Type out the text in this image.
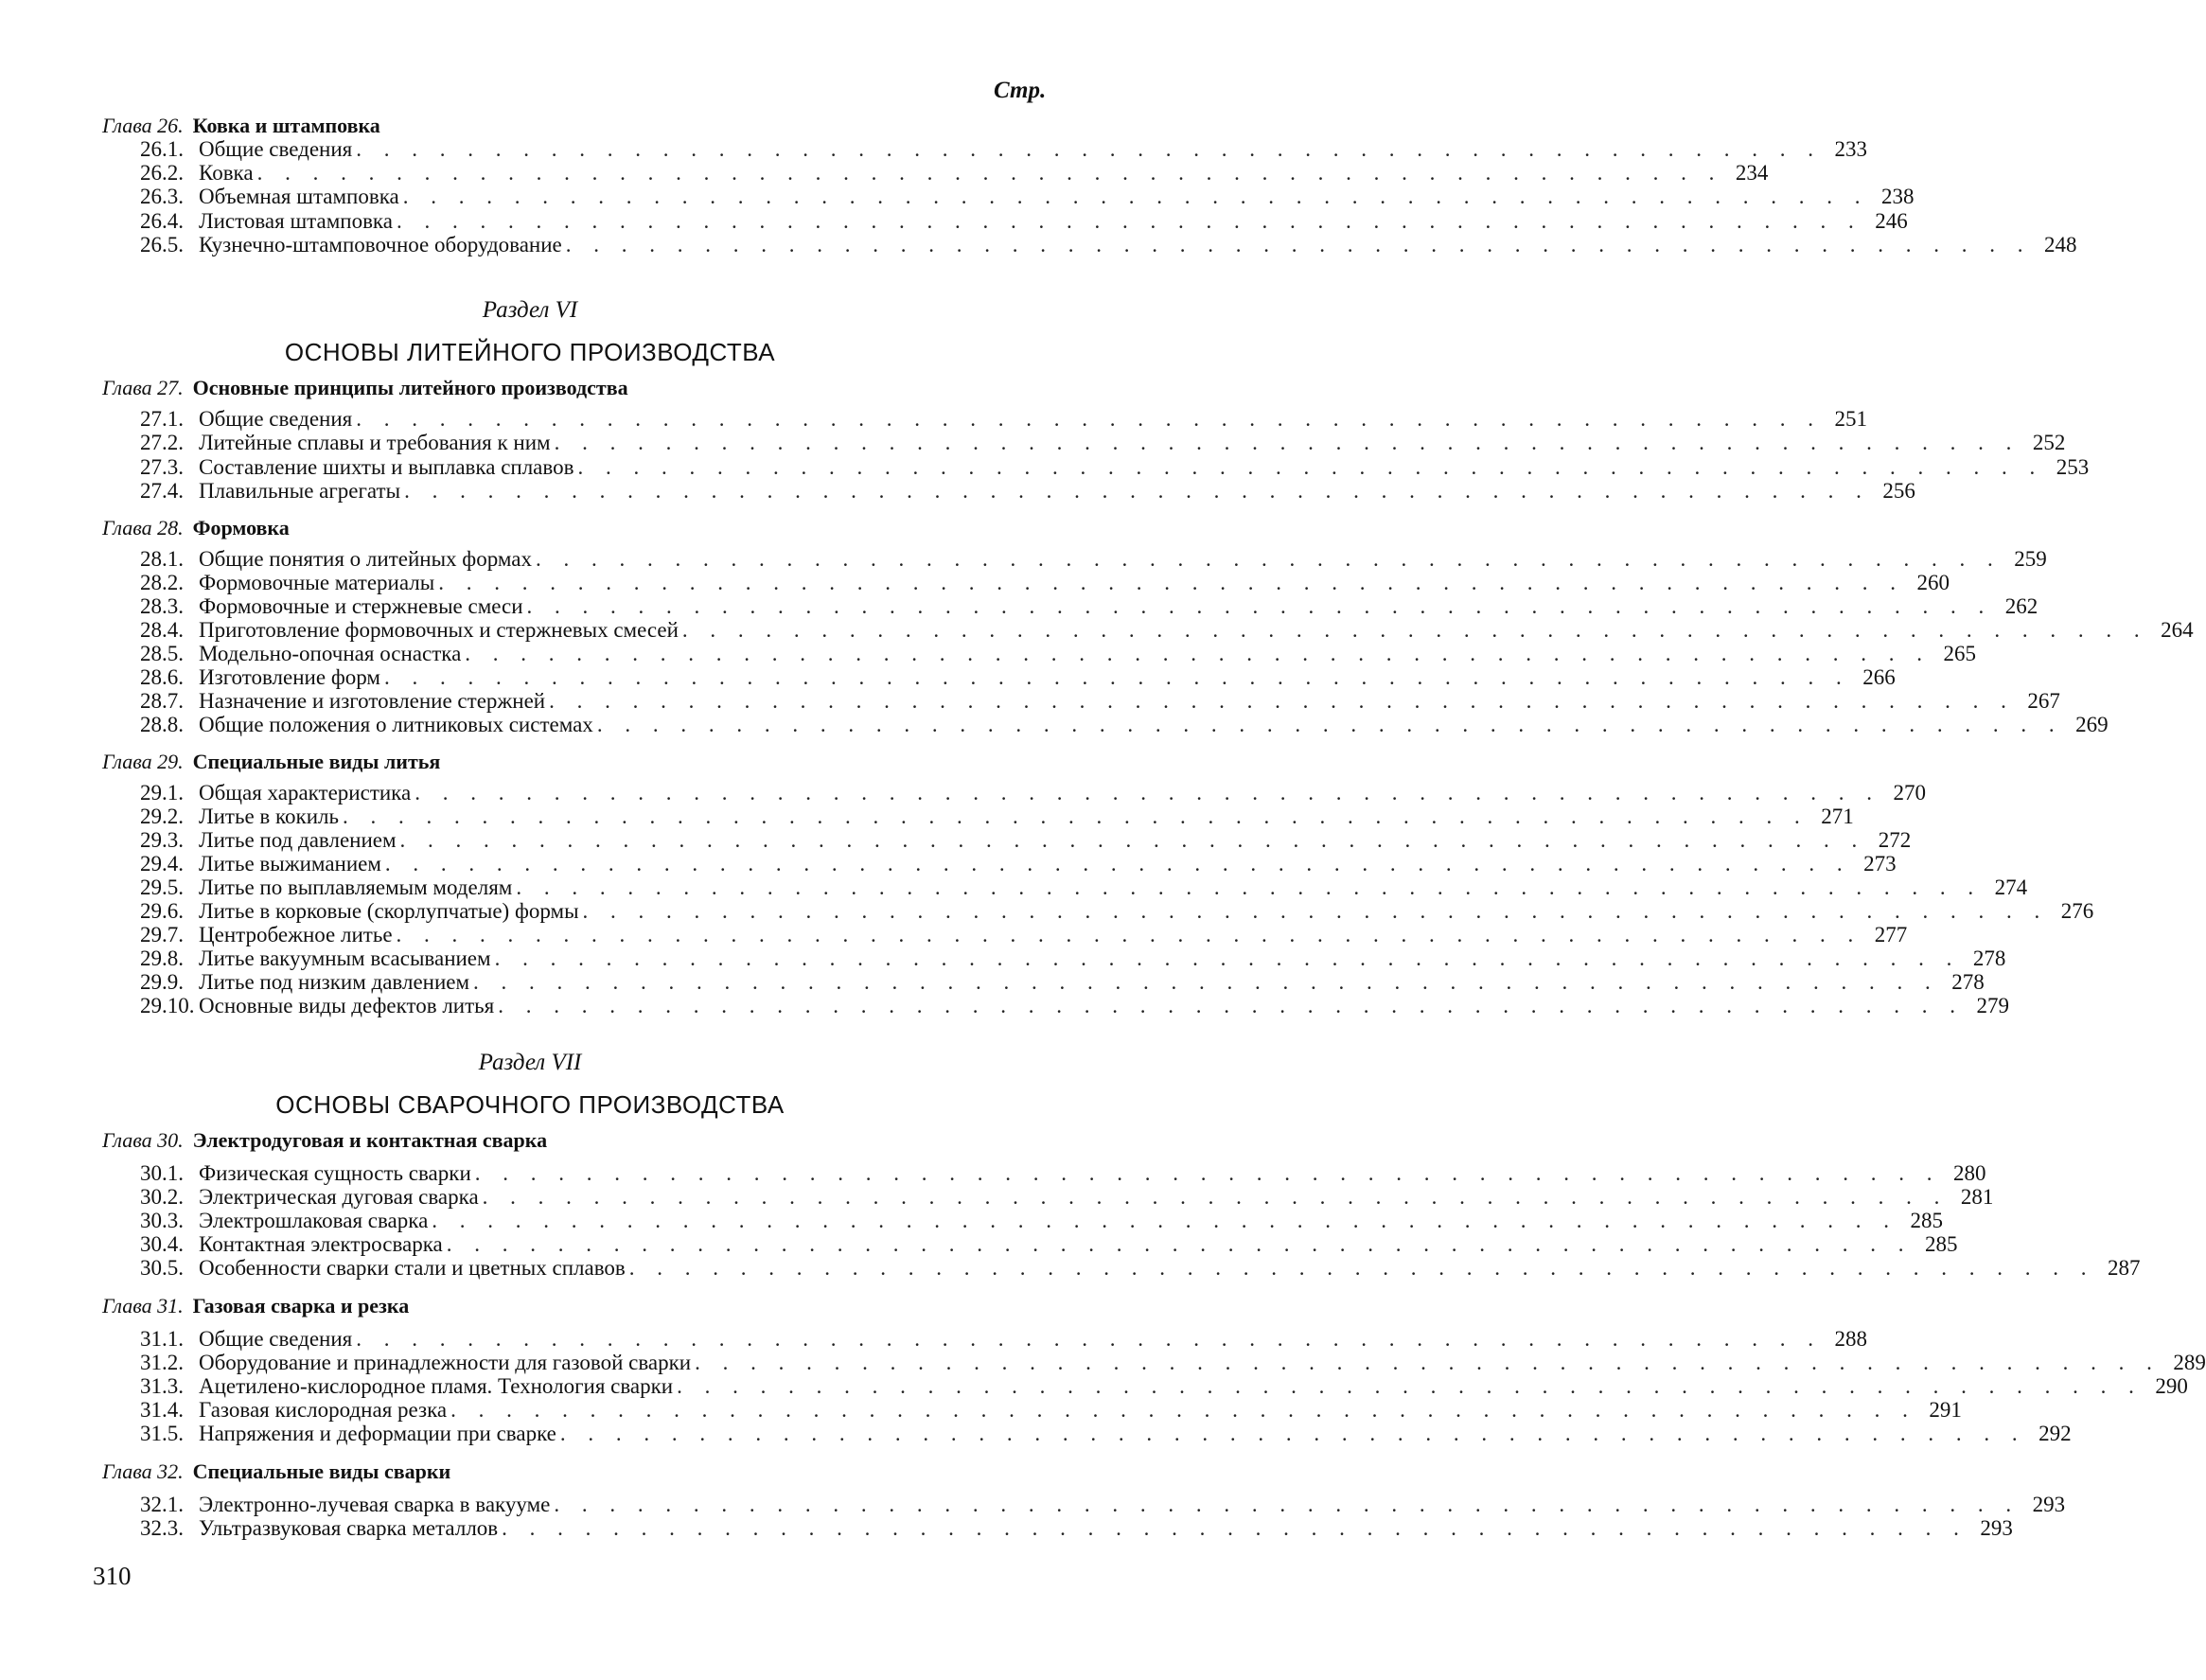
Стр.
Глава 26. Ковка и штамповка
26.1. Общие сведения . . . . . . . . . . . . . . . . . . . . . . . . . . . . . . . . . . . . . . . . . . . . . . . . . . . . . 233
26.2. Ковка . . . . . . . . . . . . . . . . . . . . . . . . . . . . . . . . . . . . . . . . . . . . . . . . . . . . . 234
26.3. Объемная штамповка . . . . . . . . . . . . . . . . . . . . . . . . . . . . . . . . . . . . . . . . . . . . . . . . . . . . . 238
26.4. Листовая штамповка . . . . . . . . . . . . . . . . . . . . . . . . . . . . . . . . . . . . . . . . . . . . . . . . . . . . . 246
26.5. Кузнечно-штамповочное оборудование . . . . . . . . . . . . . . . . . . . . . . . . . . . . . . . . . . . . . . . . . . . . . . . . . . . . . 248
Раздел VI
ОСНОВЫ ЛИТЕЙНОГО ПРОИЗВОДСТВА
Глава 27. Основные принципы литейного производства
27.1. Общие сведения . . . . . . . . . . . . . . . . . . . . . . . . . . . . . . . . . . . . . . . . . . . . . . . . . . . . . 251
27.2. Литейные сплавы и требования к ним . . . . . . . . . . . . . . . . . . . . . . . . . . . . . . . . . . . . . . . . . . . . . . . . . . . . . 252
27.3. Составление шихты и выплавка сплавов . . . . . . . . . . . . . . . . . . . . . . . . . . . . . . . . . . . . . . . . . . . . . . . . . . . . . 253
27.4. Плавильные агрегаты . . . . . . . . . . . . . . . . . . . . . . . . . . . . . . . . . . . . . . . . . . . . . . . . . . . . . 256
Глава 28. Формовка
28.1. Общие понятия о литейных формах . . . . . . . . . . . . . . . . . . . . . . . . . . . . . . . . . . . . . . . . . . . . . . . . . . . . . 259
28.2. Формовочные материалы . . . . . . . . . . . . . . . . . . . . . . . . . . . . . . . . . . . . . . . . . . . . . . . . . . . . . 260
28.3. Формовочные и стержневые смеси . . . . . . . . . . . . . . . . . . . . . . . . . . . . . . . . . . . . . . . . . . . . . . . . . . . . . 262
28.4. Приготовление формовочных и стержневых смесей . . . . . . . . . . . . . . . . . . . . . . . . . . . . . . . . . . . . . . . . . . . . . . . . . . . . . 264
28.5. Модельно-опочная оснастка . . . . . . . . . . . . . . . . . . . . . . . . . . . . . . . . . . . . . . . . . . . . . . . . . . . . . 265
28.6. Изготовление форм . . . . . . . . . . . . . . . . . . . . . . . . . . . . . . . . . . . . . . . . . . . . . . . . . . . . . 266
28.7. Назначение и изготовление стержней . . . . . . . . . . . . . . . . . . . . . . . . . . . . . . . . . . . . . . . . . . . . . . . . . . . . . 267
28.8. Общие положения о литниковых системах . . . . . . . . . . . . . . . . . . . . . . . . . . . . . . . . . . . . . . . . . . . . . . . . . . . . . 269
Глава 29. Специальные виды литья
29.1. Общая характеристика . . . . . . . . . . . . . . . . . . . . . . . . . . . . . . . . . . . . . . . . . . . . . . . . . . . . . 270
29.2. Литье в кокиль . . . . . . . . . . . . . . . . . . . . . . . . . . . . . . . . . . . . . . . . . . . . . . . . . . . . . 271
29.3. Литье под давлением . . . . . . . . . . . . . . . . . . . . . . . . . . . . . . . . . . . . . . . . . . . . . . . . . . . . . 272
29.4. Литье выжиманием . . . . . . . . . . . . . . . . . . . . . . . . . . . . . . . . . . . . . . . . . . . . . . . . . . . . . 273
29.5. Литье по выплавляемым моделям . . . . . . . . . . . . . . . . . . . . . . . . . . . . . . . . . . . . . . . . . . . . . . . . . . . . . 274
29.6. Литье в корковые (скорлупчатые) формы . . . . . . . . . . . . . . . . . . . . . . . . . . . . . . . . . . . . . . . . . . . . . . . . . . . . . 276
29.7. Центробежное литье . . . . . . . . . . . . . . . . . . . . . . . . . . . . . . . . . . . . . . . . . . . . . . . . . . . . . 277
29.8. Литье вакуумным всасыванием . . . . . . . . . . . . . . . . . . . . . . . . . . . . . . . . . . . . . . . . . . . . . . . . . . . . . 278
29.9. Литье под низким давлением . . . . . . . . . . . . . . . . . . . . . . . . . . . . . . . . . . . . . . . . . . . . . . . . . . . . . 278
29.10. Основные виды дефектов литья . . . . . . . . . . . . . . . . . . . . . . . . . . . . . . . . . . . . . . . . . . . . . . . . . . . . . 279
Раздел VII
ОСНОВЫ СВАРОЧНОГО ПРОИЗВОДСТВА
Глава 30. Электродуговая и контактная сварка
30.1. Физическая сущность сварки . . . . . . . . . . . . . . . . . . . . . . . . . . . . . . . . . . . . . . . . . . . . . . . . . . . . . 280
30.2. Электрическая дуговая сварка . . . . . . . . . . . . . . . . . . . . . . . . . . . . . . . . . . . . . . . . . . . . . . . . . . . . . 281
30.3. Электрошлаковая сварка . . . . . . . . . . . . . . . . . . . . . . . . . . . . . . . . . . . . . . . . . . . . . . . . . . . . . 285
30.4. Контактная электросварка . . . . . . . . . . . . . . . . . . . . . . . . . . . . . . . . . . . . . . . . . . . . . . . . . . . . . 285
30.5. Особенности сварки стали и цветных сплавов . . . . . . . . . . . . . . . . . . . . . . . . . . . . . . . . . . . . . . . . . . . . . . . . . . . . . 287
Глава 31. Газовая сварка и резка
31.1. Общие сведения . . . . . . . . . . . . . . . . . . . . . . . . . . . . . . . . . . . . . . . . . . . . . . . . . . . . . 288
31.2. Оборудование и принадлежности для газовой сварки . . . . . . . . . . . . . . . . . . . . . . . . . . . . . . . . . . . . . . . . . . . . . . . . . . . . . 289
31.3. Ацетилено-кислородное пламя. Технология сварки . . . . . . . . . . . . . . . . . . . . . . . . . . . . . . . . . . . . . . . . . . . . . . . . . . . . . 290
31.4. Газовая кислородная резка . . . . . . . . . . . . . . . . . . . . . . . . . . . . . . . . . . . . . . . . . . . . . . . . . . . . . 291
31.5. Напряжения и деформации при сварке . . . . . . . . . . . . . . . . . . . . . . . . . . . . . . . . . . . . . . . . . . . . . . . . . . . . . 292
Глава 32. Специальные виды сварки
32.1. Электронно-лучевая сварка в вакууме . . . . . . . . . . . . . . . . . . . . . . . . . . . . . . . . . . . . . . . . . . . . . . . . . . . . . 293
32.3. Ультразвуковая сварка металлов . . . . . . . . . . . . . . . . . . . . . . . . . . . . . . . . . . . . . . . . . . . . . . . . . . . . . 293
310
